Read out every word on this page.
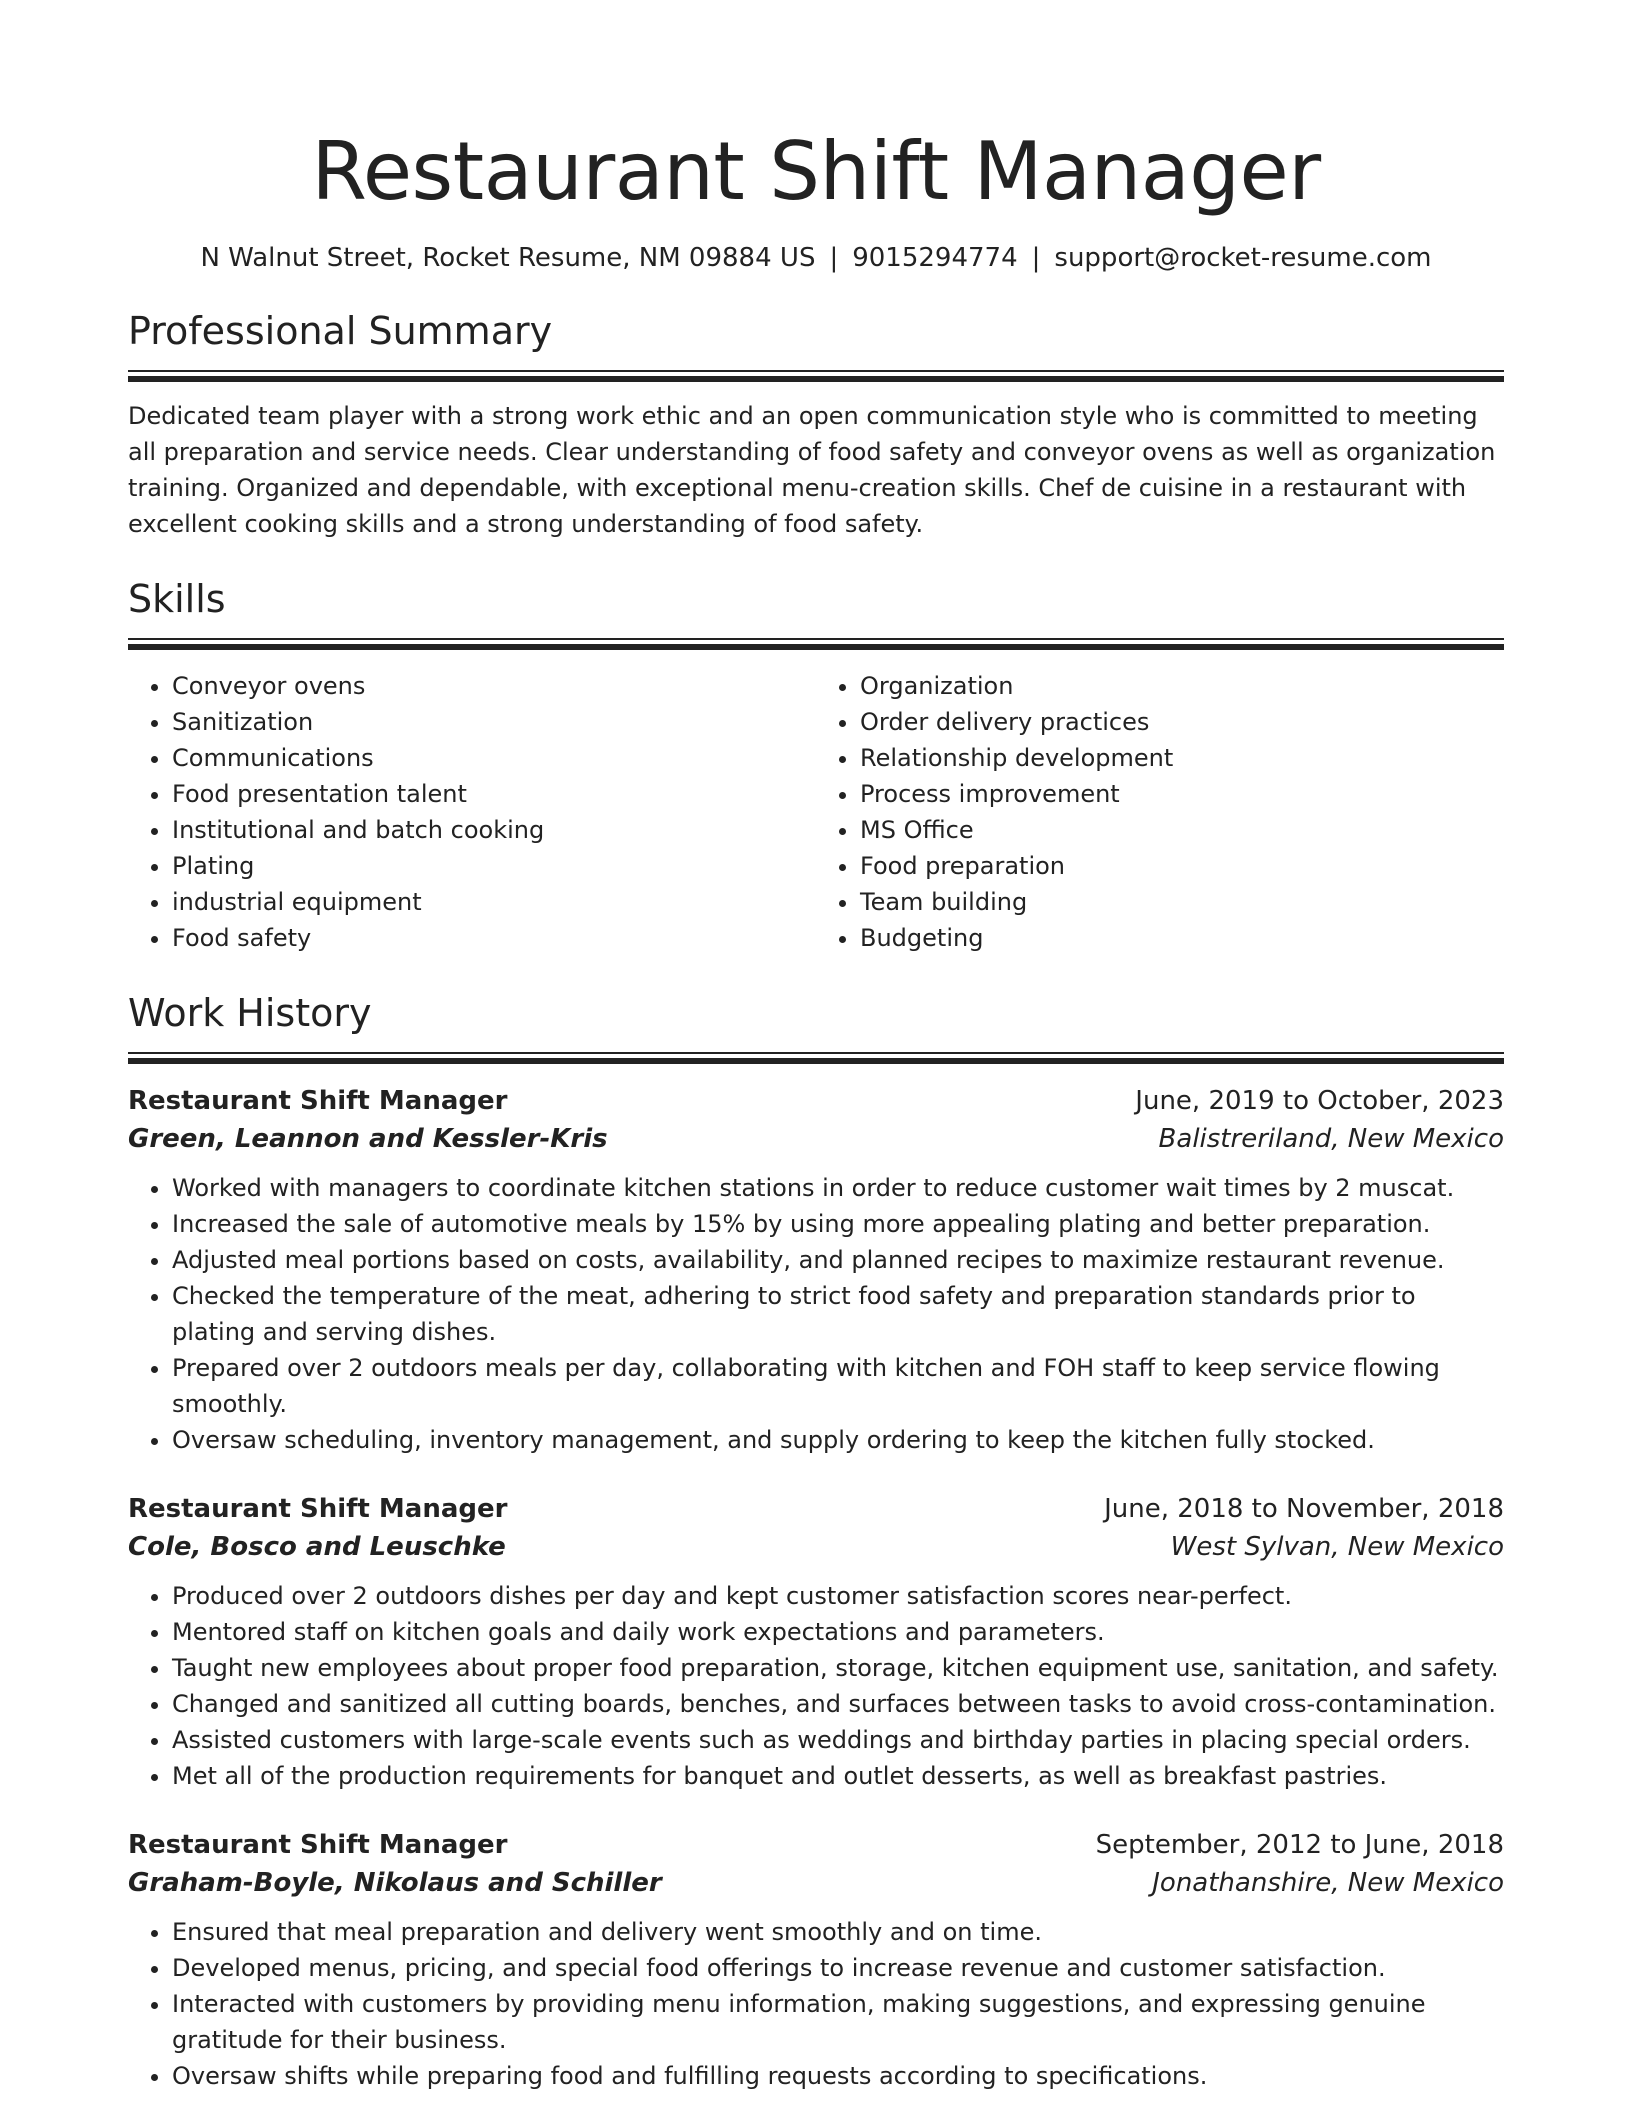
Restaurant Shift Manager
N Walnut Street, Rocket Resume, NM 09884 US | 9015294774 | support@rocket-resume.com
Professional Summary

Dedicated team player with a strong work ethic and an open communication style who is committed to meeting all preparation and service needs. Clear understanding of food safety and conveyor ovens as well as organization training. Organized and dependable, with exceptional menu-creation skills. Chef de cuisine in a restaurant with excellent cooking skills and a strong understanding of food safety.

Skills
• Conveyor ovens
• Sanitization
• Communications
• Food presentation talent
• Institutional and batch cooking
• Plating
• industrial equipment
• Food safety
• Organization
• Order delivery practices
• Relationship development
• Process improvement
• MS Office
• Food preparation
• Team building
• Budgeting
Work History
Restaurant Shift Manager	June, 2019 to October, 2023
Green, Leannon and Kessler-Kris	Balistreriland, New Mexico
• Worked with managers to coordinate kitchen stations in order to reduce customer wait times by 2 muscat.
• Increased the sale of automotive meals by 15% by using more appealing plating and better preparation.
• Adjusted meal portions based on costs, availability, and planned recipes to maximize restaurant revenue.
• Checked the temperature of the meat, adhering to strict food safety and preparation standards prior to plating and serving dishes.
• Prepared over 2 outdoors meals per day, collaborating with kitchen and FOH staff to keep service flowing smoothly.
• Oversaw scheduling, inventory management, and supply ordering to keep the kitchen fully stocked.
Restaurant Shift Manager	June, 2018 to November, 2018
Cole, Bosco and Leuschke	West Sylvan, New Mexico
• Produced over 2 outdoors dishes per day and kept customer satisfaction scores near-perfect.
• Mentored staff on kitchen goals and daily work expectations and parameters.
• Taught new employees about proper food preparation, storage, kitchen equipment use, sanitation, and safety.
• Changed and sanitized all cutting boards, benches, and surfaces between tasks to avoid cross-contamination.
• Assisted customers with large-scale events such as weddings and birthday parties in placing special orders.
• Met all of the production requirements for banquet and outlet desserts, as well as breakfast pastries.
Restaurant Shift Manager	September, 2012 to June, 2018
Graham-Boyle, Nikolaus and Schiller	Jonathanshire, New Mexico
• Ensured that meal preparation and delivery went smoothly and on time.
• Developed menus, pricing, and special food offerings to increase revenue and customer satisfaction.
• Interacted with customers by providing menu information, making suggestions, and expressing genuine gratitude for their business.
• Oversaw shifts while preparing food and fulfilling requests according to specifications.
